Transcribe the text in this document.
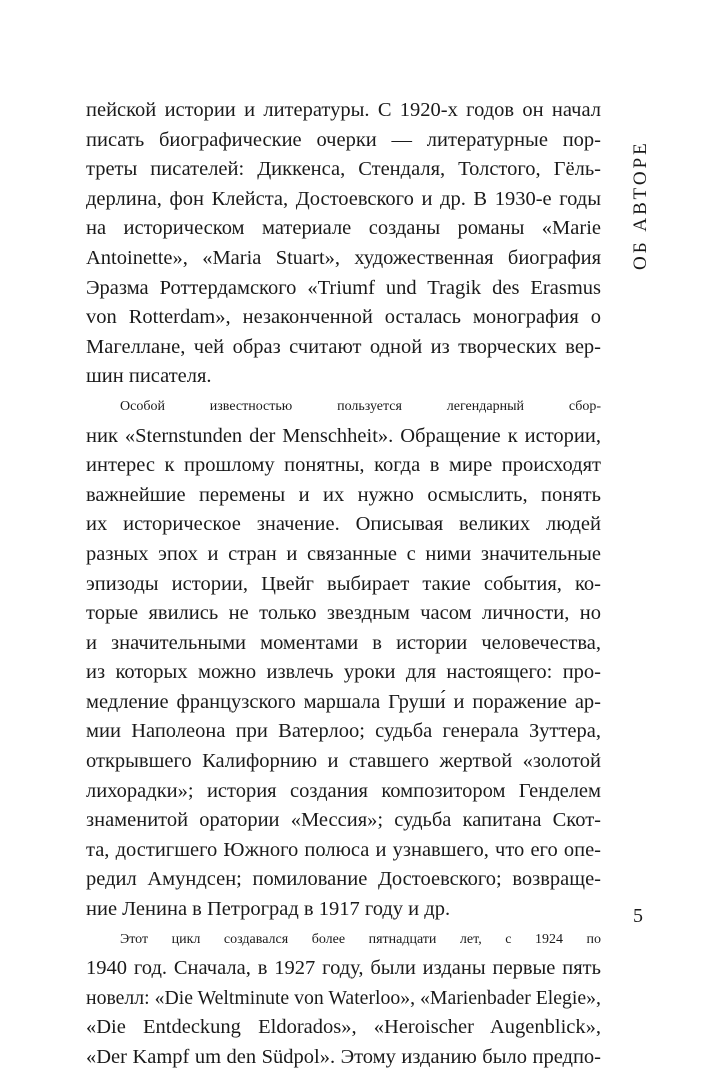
ОБ АВТОРЕ
пейской истории и литературы. С 1920-х годов он начал
писать биографические очерки — литературные пор-
треты писателей: Диккенса, Стендаля, Толстого, Гёль-
дерлина, фон Клейста, Достоевского и др. В 1930-е годы
на историческом материале созданы романы «Marie
Antoinette», «Maria Stuart», художественная биография
Эразма Роттердамского «Triumf und Tragik des Erasmus
von Rotterdam», незаконченной осталась монография о
Магеллане, чей образ считают одной из творческих вер-
шин писателя.
Особой известностью пользуется легендарный сбор-
ник «Sternstunden der Menschheit». Обращение к истории,
интерес к прошлому понятны, когда в мире происходят
важнейшие перемены и их нужно осмыслить, понять
их историческое значение. Описывая великих людей
разных эпох и стран и связанные с ними значительные
эпизоды истории, Цвейг выбирает такие события, ко-
торые явились не только звездным часом личности, но
и значительными моментами в истории человечества,
из которых можно извлечь уроки для настоящего: про-
медление французского маршала Груши́ и поражение ар-
мии Наполеона при Ватерлоо; судьба генерала Зуттера,
открывшего Калифорнию и ставшего жертвой «золотой
лихорадки»; история создания композитором Генделем
знаменитой оратории «Мессия»; судьба капитана Скот-
та, достигшего Южного полюса и узнавшего, что его опе-
редил Амундсен; помилование Достоевского; возвраще-
ние Ленина в Петроград в 1917 году и др.
Этот цикл создавался более пятнадцати лет, с 1924 по
1940 год. Сначала, в 1927 году, были изданы первые пять
новелл: «Die Weltminute von Waterloo», «Marienbader Elegie»,
«Die Entdeckung Eldorados», «Heroischer Augenblick»,
«Der Kampf um den Südpol». Этому изданию было предпо-
5
